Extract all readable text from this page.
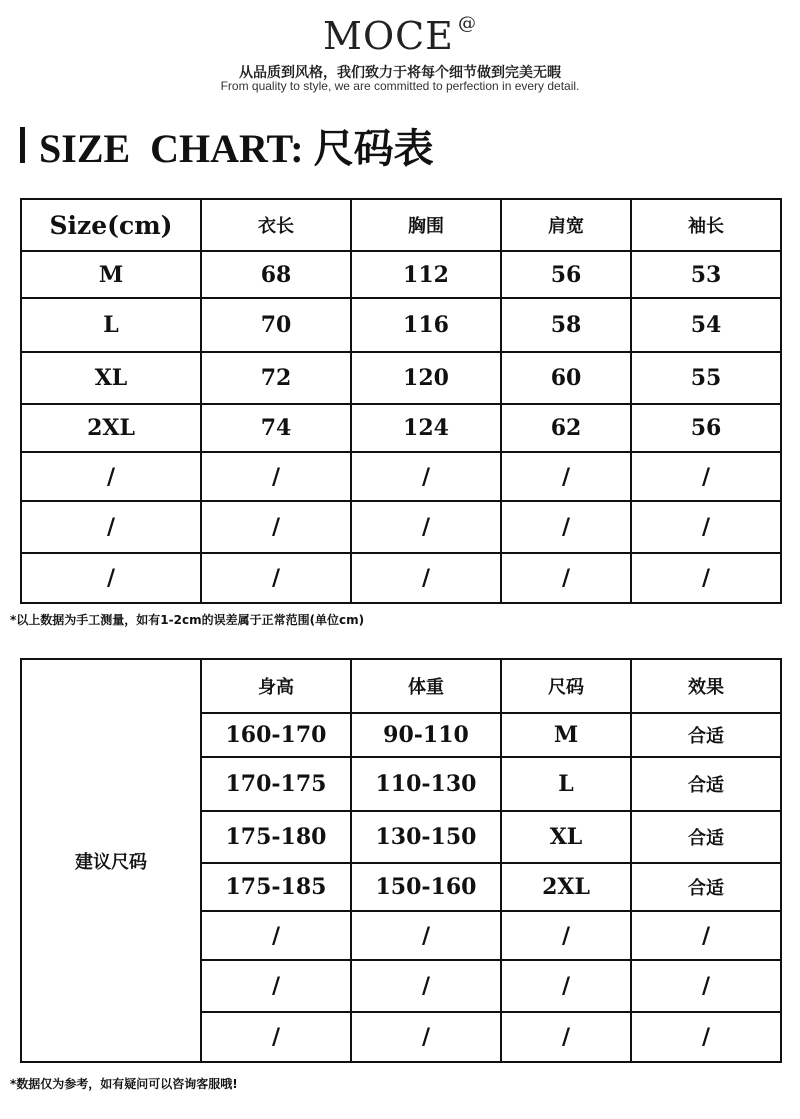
MOCE @
从品质到风格，我们致力于将每个细节做到完美无暇
From quality to style, we are committed to perfection in every detail.
SIZE  CHART: 尺码表
Size(cm)	衣长	胸围	肩宽	袖长
M	68	112	56	53
L	70	116	58	54
XL	72	120	60	55
2XL	74	124	62	56
/	/	/	/	/
/	/	/	/	/
/	/	/	/	/
*以上数据为手工测量，如有1-2cm的误差属于正常范围(单位cm)
建议尺码	身高	体重	尺码	效果
	160-170	90-110	M	合适
	170-175	110-130	L	合适
	175-180	130-150	XL	合适
	175-185	150-160	2XL	合适
	/	/	/	/
	/	/	/	/
	/	/	/	/
*数据仅为参考，如有疑问可以咨询客服哦!
